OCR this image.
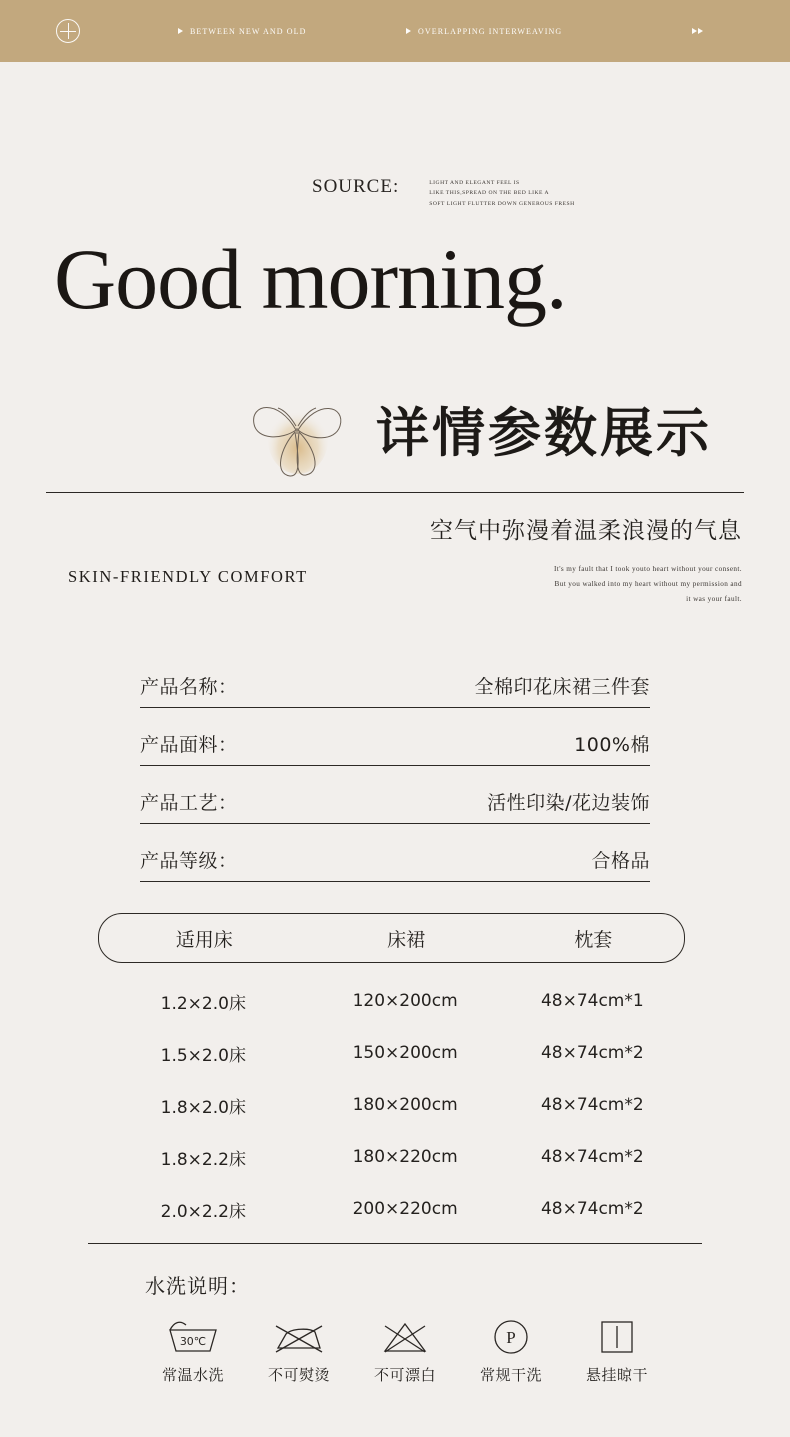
BETWEEN NEW AND OLD	OVERLAPPING INTERWEAVING
SOURCE:	LIGHT AND ELEGANT FEEL IS
LIKE THIS,SPREAD ON THE BED LIKE A
SOFT LIGHT FLUTTER DOWN GENEROUS FRESH
Good morning.
详情参数展示
空气中弥漫着温柔浪漫的气息
SKIN-FRIENDLY COMFORT	It's my fault that I took youto heart without your consent. But you walked into my heart without my permission and it was your fault.
产品名称：	全棉印花床裙三件套
产品面料：	100%棉
产品工艺：	活性印染/花边装饰
产品等级：	合格品
适用床	床裙	枕套
1.2×2.0床	120×200cm	48×74cm*1
1.5×2.0床	150×200cm	48×74cm*2
1.8×2.0床	180×200cm	48×74cm*2
1.8×2.2床	180×220cm	48×74cm*2
2.0×2.2床	200×220cm	48×74cm*2
水洗说明：
30℃
常温水洗	不可熨烫	不可漂白
P
常规干洗	悬挂晾干
